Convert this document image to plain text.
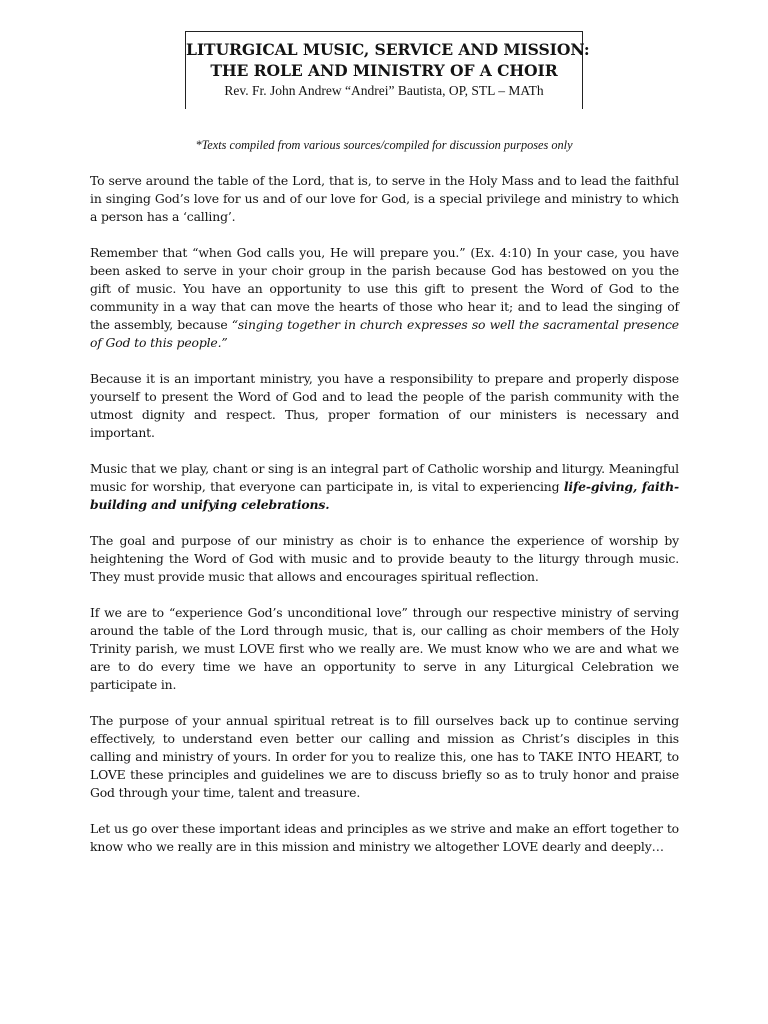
LITURGICAL MUSIC, SERVICE AND MISSION:
THE ROLE AND MINISTRY OF A CHOIR
Rev. Fr. John Andrew “Andrei” Bautista, OP, STL – MATh
*Texts compiled from various sources/compiled for discussion purposes only

To serve around the table of the Lord, that is, to serve in the Holy Mass and to lead the faithful in singing God’s love for us and of our love for God, is a special privilege and ministry to which a person has a ‘calling’.

Remember that “when God calls you, He will prepare you.” (Ex. 4:10) In your case, you have been asked to serve in your choir group in the parish because God has bestowed on you the gift of music. You have an opportunity to use this gift to present the Word of God to the community in a way that can move the hearts of those who hear it; and to lead the singing of the assembly, because “singing together in church expresses so well the sacramental presence of God to this people.”

Because it is an important ministry, you have a responsibility to prepare and properly dispose yourself to present the Word of God and to lead the people of the parish community with the utmost dignity and respect. Thus, proper formation of our ministers is necessary and important.

Music that we play, chant or sing is an integral part of Catholic worship and liturgy. Meaningful music for worship, that everyone can participate in, is vital to experiencing life-giving, faith-building and unifying celebrations.

The goal and purpose of our ministry as choir is to enhance the experience of worship by heightening the Word of God with music and to provide beauty to the liturgy through music. They must provide music that allows and encourages spiritual reflection.

If we are to “experience God’s unconditional love” through our respective ministry of serving around the table of the Lord through music, that is, our calling as choir members of the Holy Trinity parish, we must LOVE first who we really are. We must know who we are and what we are to do every time we have an opportunity to serve in any Liturgical Celebration we participate in.

The purpose of your annual spiritual retreat is to fill ourselves back up to continue serving effectively, to understand even better our calling and mission as Christ’s disciples in this calling and ministry of yours. In order for you to realize this, one has to TAKE INTO HEART, to LOVE these principles and guidelines we are to discuss briefly so as to truly honor and praise God through your time, talent and treasure.

Let us go over these important ideas and principles as we strive and make an effort together to know who we really are in this mission and ministry we altogether LOVE dearly and deeply…
